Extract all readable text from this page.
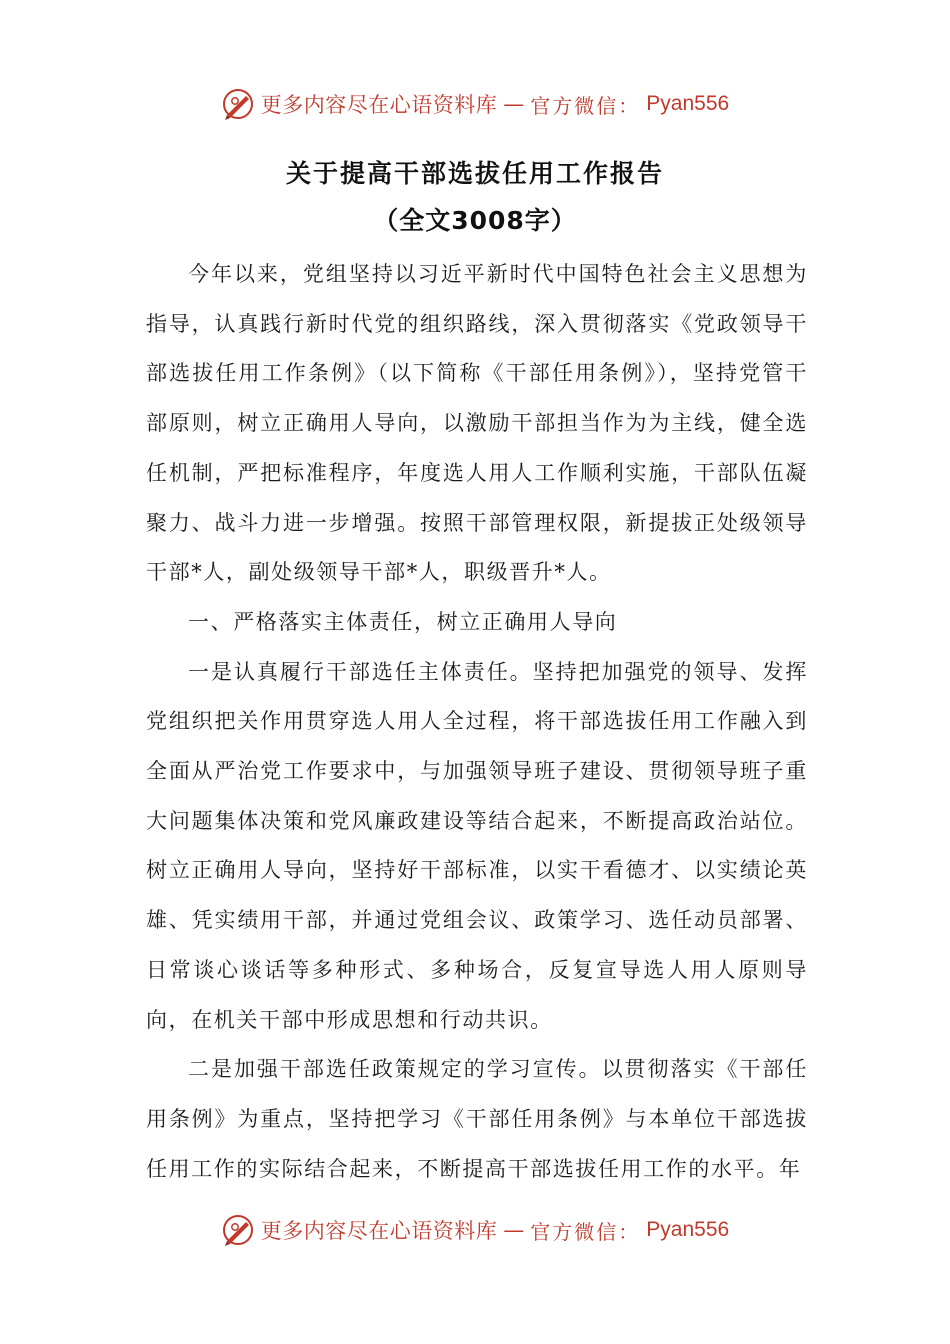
更多内容尽在心语资料库 — 官方微信： Pyan556
关于提高干部选拔任用工作报告
（全文3008字）

今年以来，党组坚持以习近平新时代中国特色社会主义思想为指导，认真践行新时代党的组织路线，深入贯彻落实《党政领导干部选拔任用工作条例》（以下简称《干部任用条例》），坚持党管干部原则，树立正确用人导向，以激励干部担当作为为主线，健全选任机制，严把标准程序，年度选人用人工作顺利实施，干部队伍凝聚力、战斗力进一步增强。按照干部管理权限，新提拔正处级领导干部*人，副处级领导干部*人，职级晋升*人。

一、严格落实主体责任，树立正确用人导向

一是认真履行干部选任主体责任。坚持把加强党的领导、发挥党组织把关作用贯穿选人用人全过程，将干部选拔任用工作融入到全面从严治党工作要求中，与加强领导班子建设、贯彻领导班子重大问题集体决策和党风廉政建设等结合起来，不断提高政治站位。树立正确用人导向，坚持好干部标准，以实干看德才、以实绩论英雄、凭实绩用干部，并通过党组会议、政策学习、选任动员部署、日常谈心谈话等多种形式、多种场合，反复宣导选人用人原则导向，在机关干部中形成思想和行动共识。

二是加强干部选任政策规定的学习宣传。以贯彻落实《干部任用条例》为重点，坚持把学习《干部任用条例》与本单位干部选拔任用工作的实际结合起来，不断提高干部选拔任用工作的水平。年

更多内容尽在心语资料库 — 官方微信： Pyan556
